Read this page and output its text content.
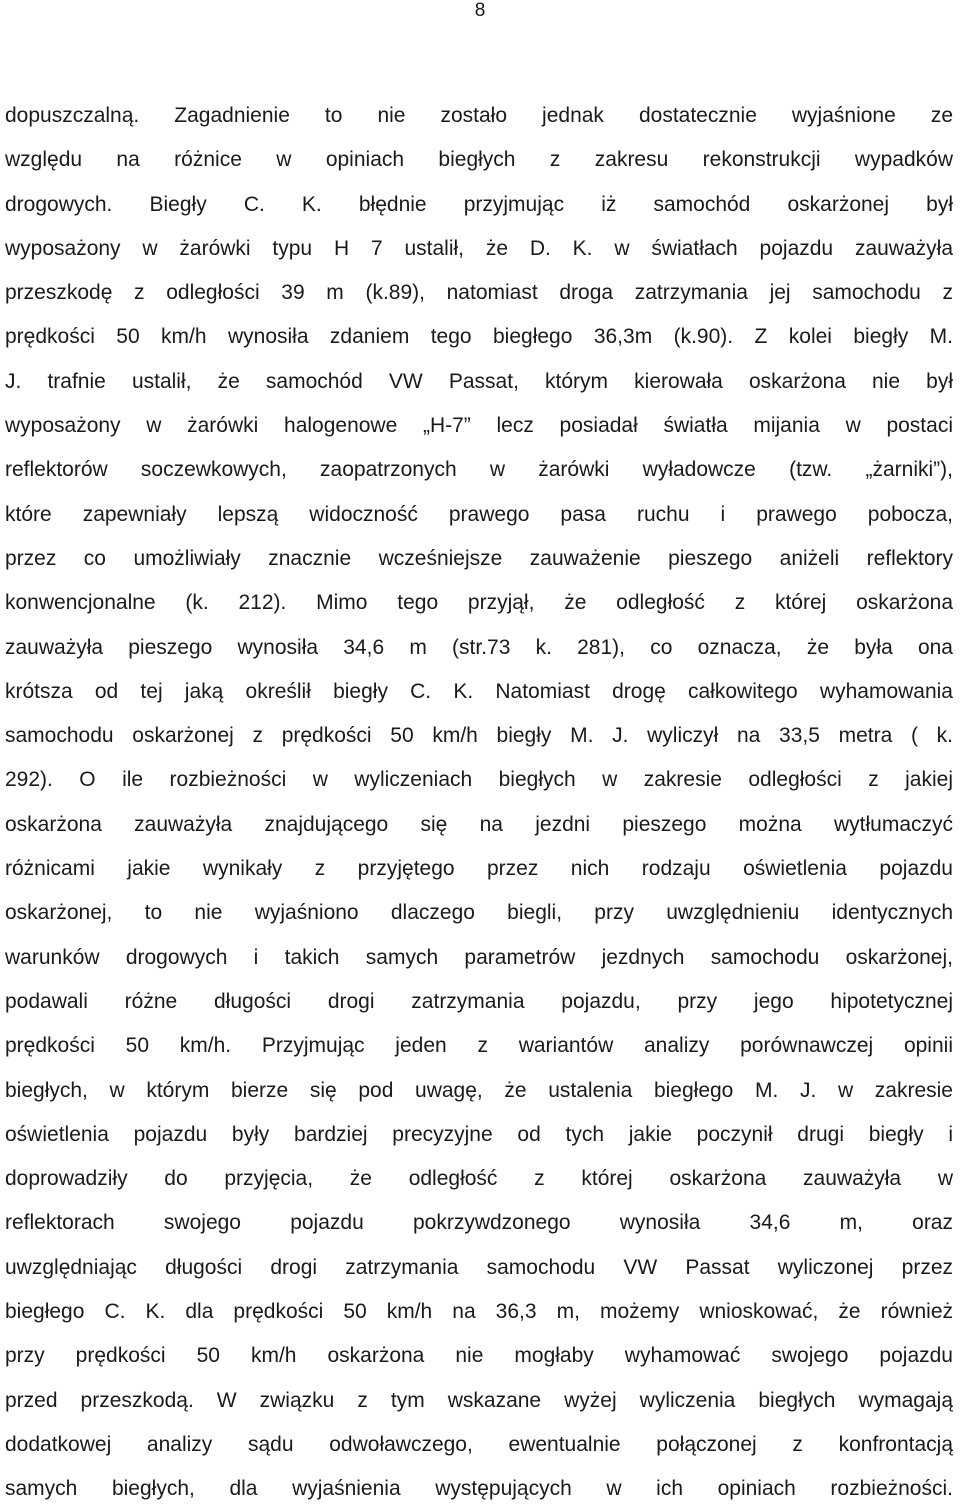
8
dopuszczalną. Zagadnienie to nie zostało jednak dostatecznie wyjaśnione ze
względu na różnice w opiniach biegłych z zakresu rekonstrukcji wypadków
drogowych. Biegły C. K. błędnie przyjmując iż samochód oskarżonej był
wyposażony w żarówki typu H 7 ustalił, że D. K. w światłach pojazdu zauważyła
przeszkodę z odległości 39 m (k.89), natomiast droga zatrzymania jej samochodu z
prędkości 50 km/h wynosiła zdaniem tego biegłego 36,3m (k.90). Z kolei biegły M.
J. trafnie ustalił, że samochód VW Passat, którym kierowała oskarżona nie był
wyposażony w żarówki halogenowe „H-7” lecz posiadał światła mijania w postaci
reflektorów soczewkowych, zaopatrzonych w żarówki wyładowcze (tzw. „żarniki”),
które zapewniały lepszą widoczność prawego pasa ruchu i prawego pobocza,
przez co umożliwiały znacznie wcześniejsze zauważenie pieszego aniżeli reflektory
konwencjonalne (k. 212). Mimo tego przyjął, że odległość z której oskarżona
zauważyła pieszego wynosiła 34,6 m (str.73 k. 281), co oznacza, że była ona
krótsza od tej jaką określił biegły C. K. Natomiast drogę całkowitego wyhamowania
samochodu oskarżonej z prędkości 50 km/h biegły M. J. wyliczył na 33,5 metra ( k.
292). O ile rozbieżności w wyliczeniach biegłych w zakresie odległości z jakiej
oskarżona zauważyła znajdującego się na jezdni pieszego można wytłumaczyć
różnicami jakie wynikały z przyjętego przez nich rodzaju oświetlenia pojazdu
oskarżonej, to nie wyjaśniono dlaczego biegli, przy uwzględnieniu identycznych
warunków drogowych i takich samych parametrów jezdnych samochodu oskarżonej,
podawali różne długości drogi zatrzymania pojazdu, przy jego hipotetycznej
prędkości 50 km/h. Przyjmując jeden z wariantów analizy porównawczej opinii
biegłych, w którym bierze się pod uwagę, że ustalenia biegłego M. J. w zakresie
oświetlenia pojazdu były bardziej precyzyjne od tych jakie poczynił drugi biegły i
doprowadziły do przyjęcia, że odległość z której oskarżona zauważyła w
reflektorach swojego pojazdu pokrzywdzonego wynosiła 34,6 m, oraz
uwzględniając długości drogi zatrzymania samochodu VW Passat wyliczonej przez
biegłego C. K. dla prędkości 50 km/h na 36,3 m, możemy wnioskować, że również
przy prędkości 50 km/h oskarżona nie mogłaby wyhamować swojego pojazdu
przed przeszkodą. W związku z tym wskazane wyżej wyliczenia biegłych wymagają
dodatkowej analizy sądu odwoławczego, ewentualnie połączonej z konfrontacją
samych biegłych, dla wyjaśnienia występujących w ich opiniach rozbieżności.
